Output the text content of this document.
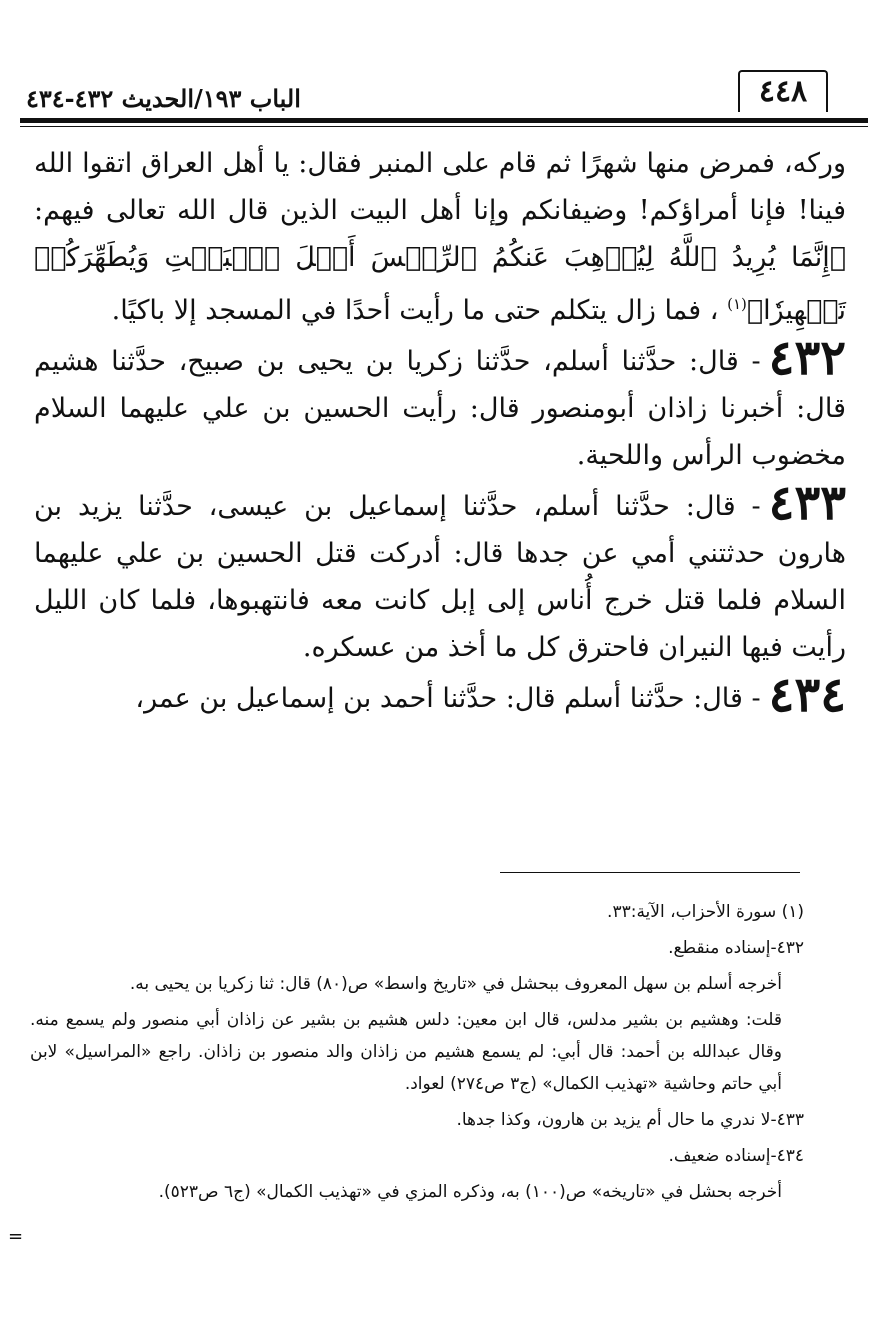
الباب ١٩٣/الحديث ٤٣٢-٤٣٤	٤٤٨

وركه، فمرض منها شهرًا ثم قام على المنبر فقال: يا أهل العراق اتقوا الله فينا! فإنا أمراؤكم! وضيفانكم وإنا أهل البيت الذين قال الله تعالى فيهم: ﴿إِنَّمَا يُرِيدُ ٱللَّهُ لِيُذۡهِبَ عَنكُمُ ٱلرِّجۡسَ أَهۡلَ ٱلۡبَيۡتِ وَيُطَهِّرَكُمۡ تَطۡهِيرٗا﴾$^{(١)}$ ، فما زال يتكلم حتى ما رأيت أحدًا في المسجد إلا باكيًا.

٤٣٢- قال: حدَّثنا أسلم، حدَّثنا زكريا بن يحيى بن صبيح، حدَّثنا هشيم قال: أخبرنا زاذان أبومنصور قال: رأيت الحسين بن علي عليهما السلام مخضوب الرأس واللحية.

٤٣٣- قال: حدَّثنا أسلم، حدَّثنا إسماعيل بن عيسى، حدَّثنا يزيد بن هارون حدثتني أمي عن جدها قال: أدركت قتل الحسين بن علي عليهما السلام فلما قتل خرج أُناس إلى إبل كانت معه فانتهبوها، فلما كان الليل رأيت فيها النيران فاحترق كل ما أخذ من عسكره.

٤٣٤- قال: حدَّثنا أسلم قال: حدَّثنا أحمد بن إسماعيل بن عمر،

(١) سورة الأحزاب، الآية:٣٣.

٤٣٢-إسناده منقطع.

أخرجه أسلم بن سهل المعروف ببحشل في «تاريخ واسط» ص(٨٠) قال: ثنا زكريا بن يحيى به.

قلت: وهشيم بن بشير مدلس، قال ابن معين: دلس هشيم بن بشير عن زاذان أبي منصور ولم يسمع منه. وقال عبدالله بن أحمد: قال أبي: لم يسمع هشيم من زاذان والد منصور بن زاذان. راجع «المراسيل» لابن أبي حاتم وحاشية «تهذيب الكمال» (ج٣ ص٢٧٤) لعواد.

٤٣٣-لا ندري ما حال أم يزيد بن هارون، وكذا جدها.

٤٣٤-إسناده ضعيف.

أخرجه بحشل في «تاريخه» ص(١٠٠) به، وذكره المزي في «تهذيب الكمال» (ج٦ ص٥٢٣).

=
